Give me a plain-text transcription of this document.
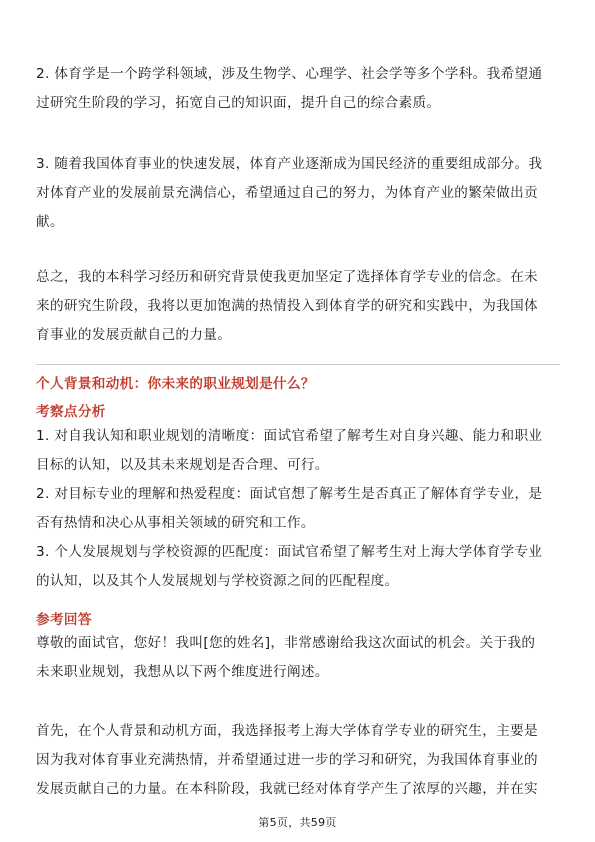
2. 体育学是一个跨学科领域，涉及生物学、心理学、社会学等多个学科。我希望通

过研究生阶段的学习，拓宽自己的知识面，提升自己的综合素质。

3. 随着我国体育事业的快速发展，体育产业逐渐成为国民经济的重要组成部分。我

对体育产业的发展前景充满信心，希望通过自己的努力，为体育产业的繁荣做出贡

献。

总之，我的本科学习经历和研究背景使我更加坚定了选择体育学专业的信念。在未

来的研究生阶段，我将以更加饱满的热情投入到体育学的研究和实践中，为我国体

育事业的发展贡献自己的力量。

个人背景和动机：你未来的职业规划是什么？

考察点分析

1. 对自我认知和职业规划的清晰度：面试官希望了解考生对自身兴趣、能力和职业

目标的认知，以及其未来规划是否合理、可行。

2. 对目标专业的理解和热爱程度：面试官想了解考生是否真正了解体育学专业，是

否有热情和决心从事相关领域的研究和工作。

3. 个人发展规划与学校资源的匹配度：面试官希望了解考生对上海大学体育学专业

的认知，以及其个人发展规划与学校资源之间的匹配程度。

参考回答

尊敬的面试官，您好！我叫[您的姓名]，非常感谢给我这次面试的机会。关于我的

未来职业规划，我想从以下两个维度进行阐述。

首先，在个人背景和动机方面，我选择报考上海大学体育学专业的研究生，主要是

因为我对体育事业充满热情，并希望通过进一步的学习和研究，为我国体育事业的

发展贡献自己的力量。在本科阶段，我就已经对体育学产生了浓厚的兴趣，并在实

第5页，共59页
